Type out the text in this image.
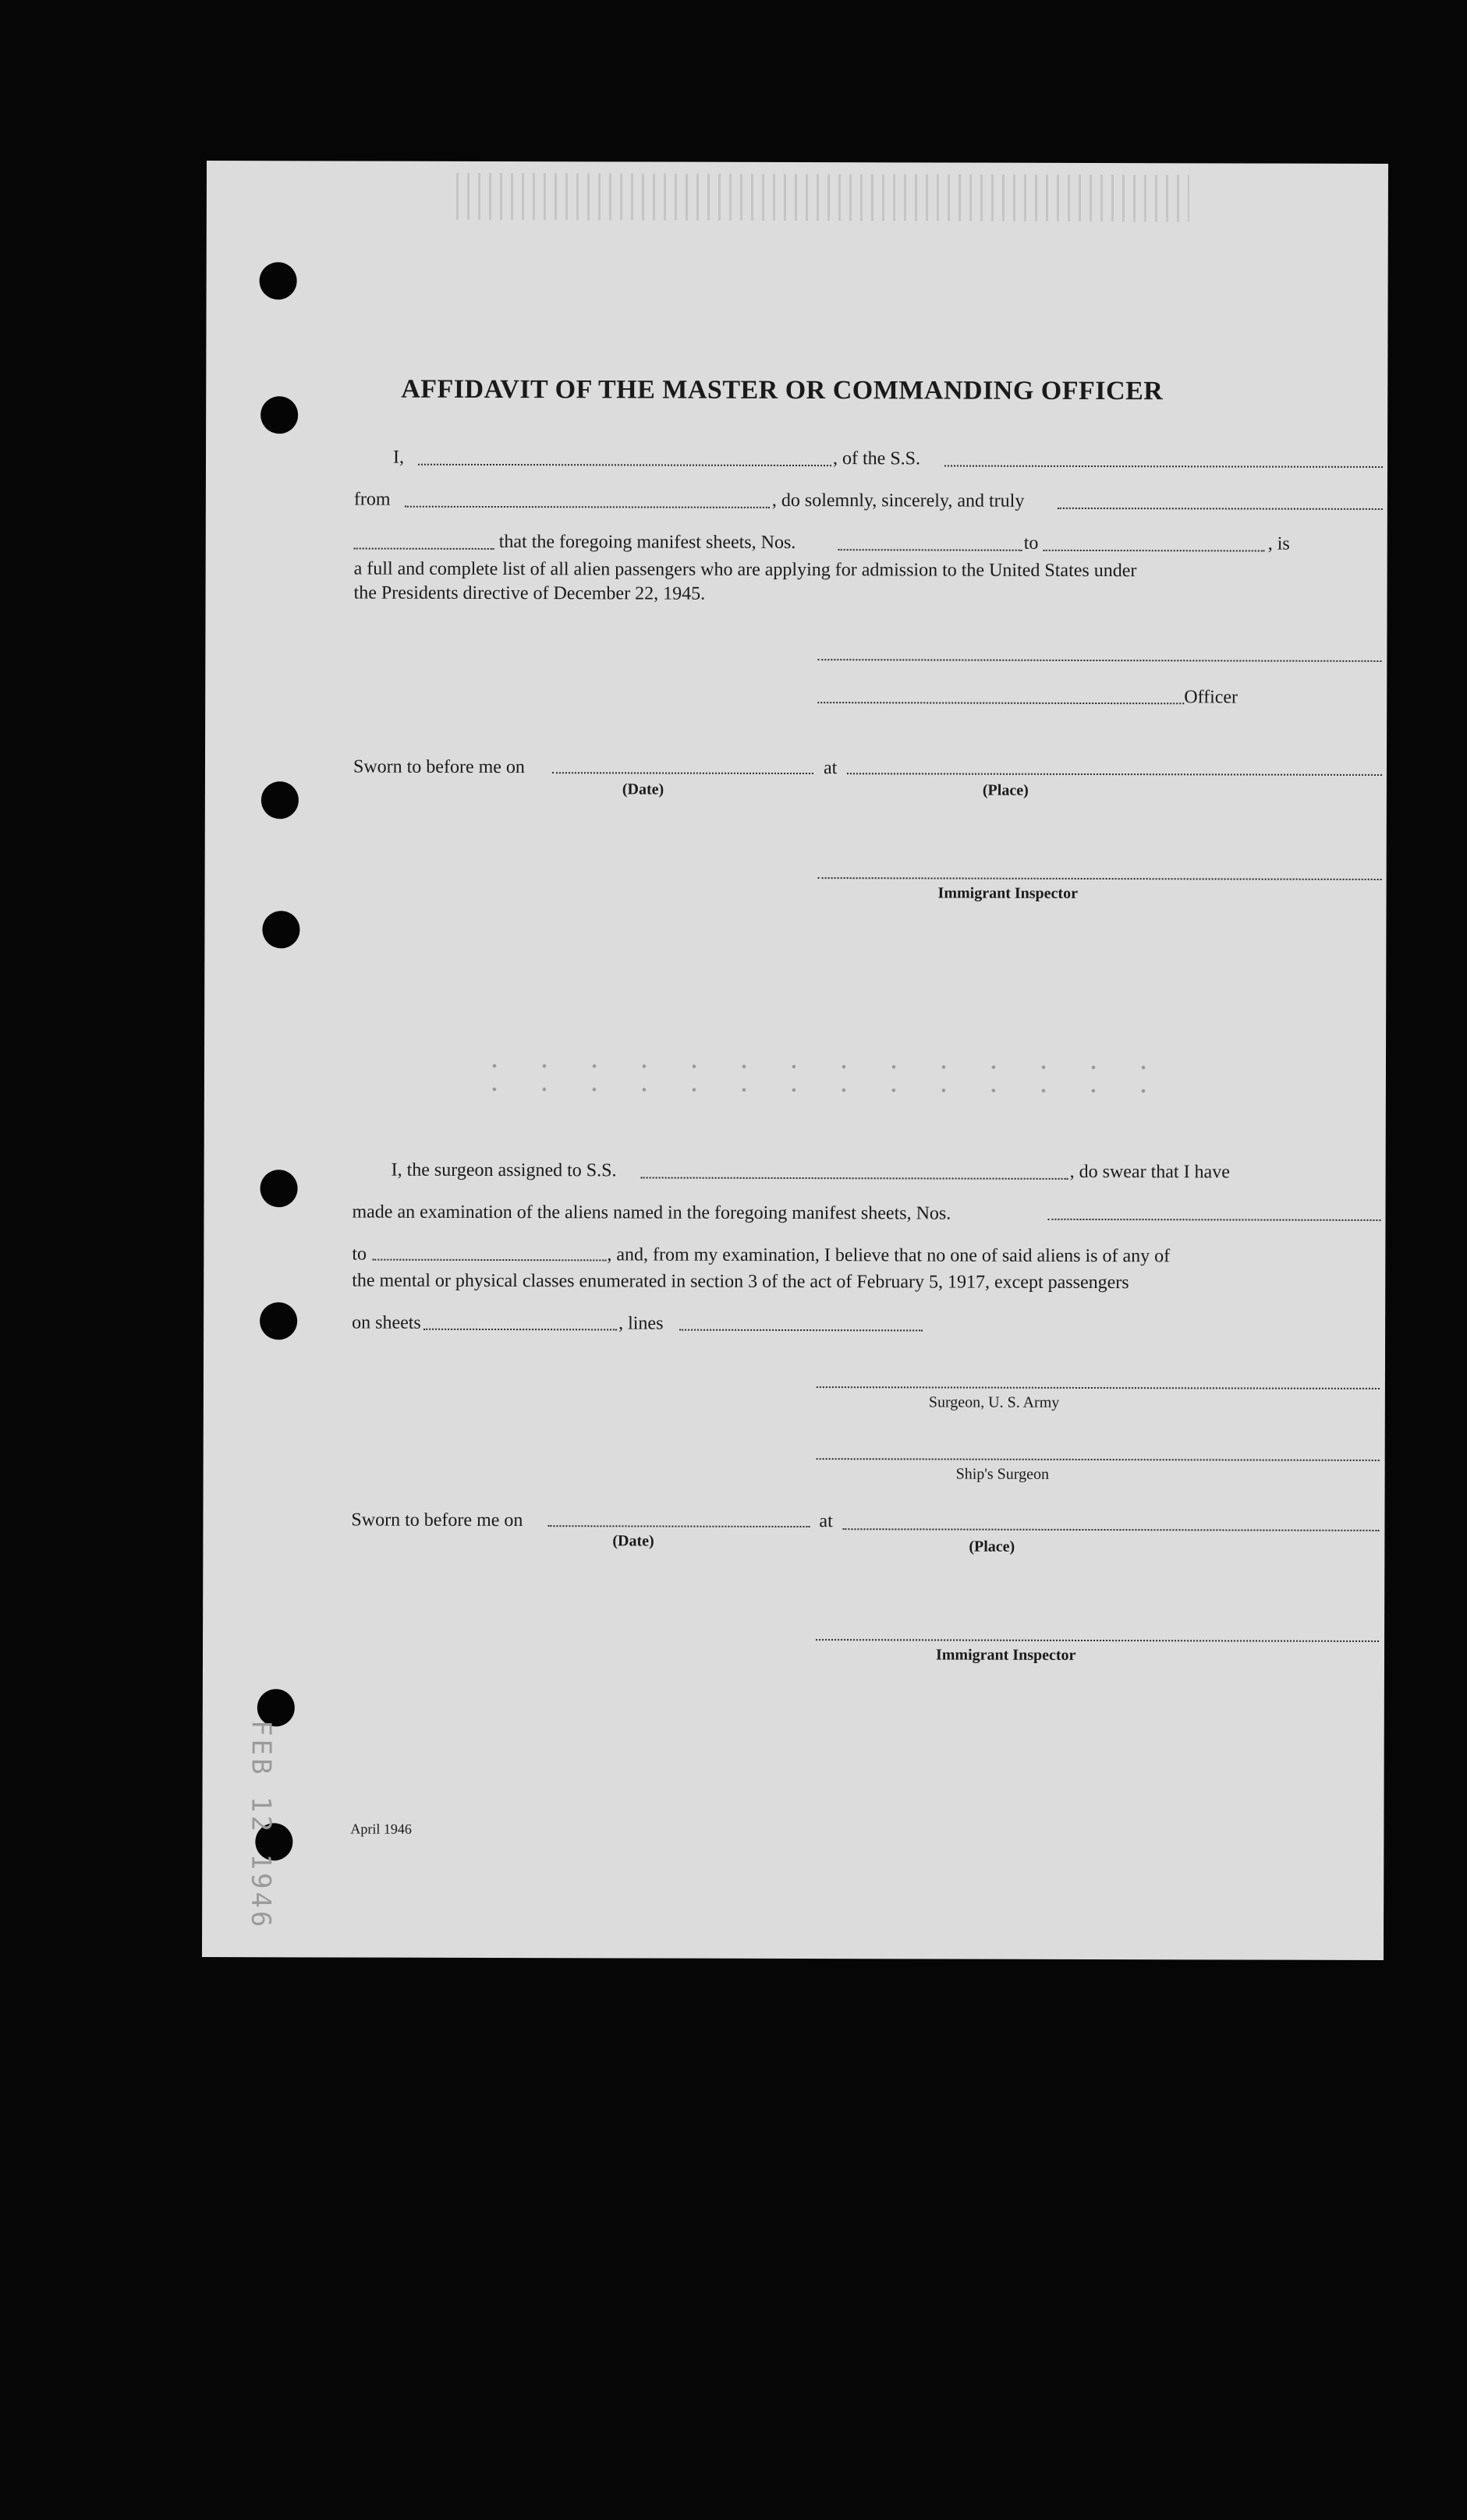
AFFIDAVIT OF THE MASTER OR COMMANDING OFFICER
I,	, of the S.S.
from	, do solemnly, sincerely, and truly
that the foregoing manifest sheets, Nos.	to	, is
a full and complete list of all alien passengers who are applying for admission to the United States under
the Presidents directive of December 22, 1945.
Officer
Sworn to before me on	at
(Date)	(Place)
Immigrant Inspector
I, the surgeon assigned to S.S.	, do swear that I have
made an examination of the aliens named in the foregoing manifest sheets, Nos.
to	, and, from my examination, I believe that no one of said aliens is of any of
the mental or physical classes enumerated in section 3 of the act of February 5, 1917, except passengers
on sheets	, lines
Surgeon, U. S. Army
Ship's Surgeon
Sworn to before me on	at
(Date)	(Place)
Immigrant Inspector
FEB 12 1946	April 1946
